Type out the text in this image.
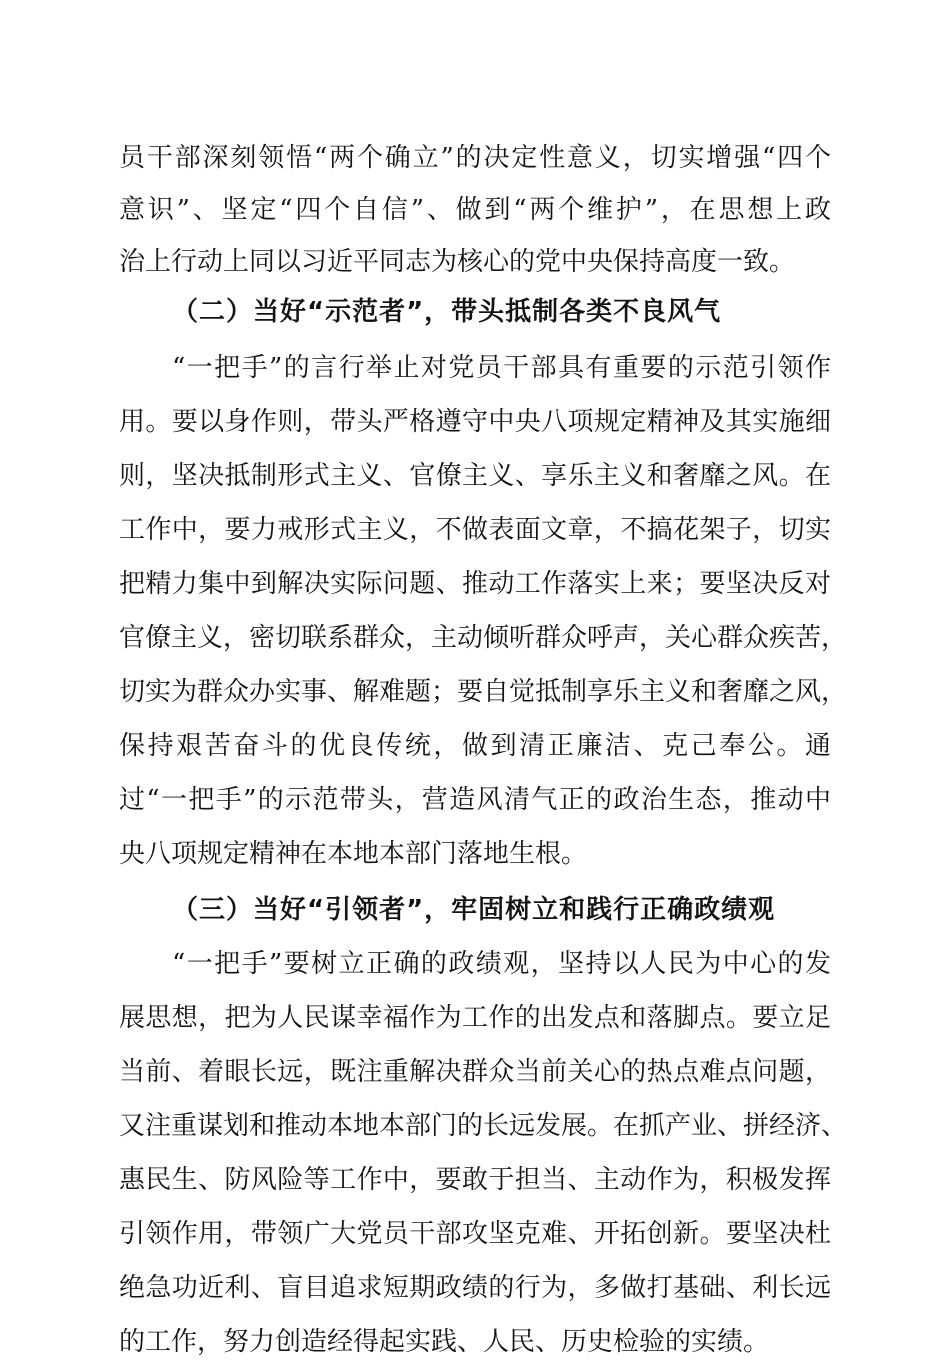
员干部深刻领悟“两个确立”的决定性意义，切实增强“四个
意识”、坚定“四个自信”、做到“两个维护”，在思想上政
治上行动上同以习近平同志为核心的党中央保持高度一致。
（二）当好“示范者”，带头抵制各类不良风气
“一把手”的言行举止对党员干部具有重要的示范引领作
用。要以身作则，带头严格遵守中央八项规定精神及其实施细
则，坚决抵制形式主义、官僚主义、享乐主义和奢靡之风。在
工作中，要力戒形式主义，不做表面文章，不搞花架子，切实
把精力集中到解决实际问题、推动工作落实上来；要坚决反对
官僚主义，密切联系群众，主动倾听群众呼声，关心群众疾苦，
切实为群众办实事、解难题；要自觉抵制享乐主义和奢靡之风，
保持艰苦奋斗的优良传统，做到清正廉洁、克己奉公。通
过“一把手”的示范带头，营造风清气正的政治生态，推动中
央八项规定精神在本地本部门落地生根。
（三）当好“引领者”，牢固树立和践行正确政绩观
“一把手”要树立正确的政绩观，坚持以人民为中心的发
展思想，把为人民谋幸福作为工作的出发点和落脚点。要立足
当前、着眼长远，既注重解决群众当前关心的热点难点问题，
又注重谋划和推动本地本部门的长远发展。在抓产业、拼经济、
惠民生、防风险等工作中，要敢于担当、主动作为，积极发挥
引领作用，带领广大党员干部攻坚克难、开拓创新。要坚决杜
绝急功近利、盲目追求短期政绩的行为，多做打基础、利长远
的工作，努力创造经得起实践、人民、历史检验的实绩。
